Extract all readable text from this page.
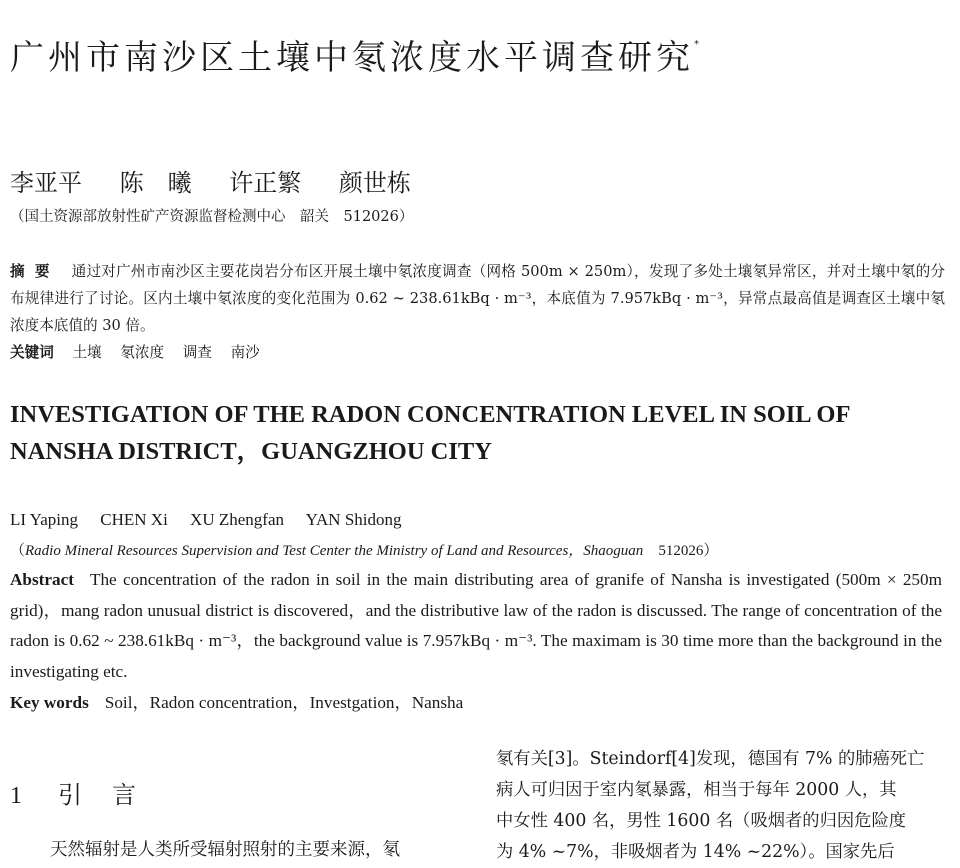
广州市南沙区土壤中氡浓度水平调查研究*
李亚平 陈　曦 许正繁 颜世栋
（国土资源部放射性矿产资源监督检测中心　韶关　512026）
摘要 通过对广州市南沙区主要花岗岩分布区开展土壤中氡浓度调查（网格 500m × 250m），发现了多处土壤氡异常区，并对土壤中氡的分布规律进行了讨论。区内土壤中氡浓度的变化范围为 0.62 ~ 238.61kBq · m⁻³，本底值为 7.957kBq · m⁻³，异常点最高值是调查区土壤中氡浓度本底值的 30 倍。
关键词 土壤 氡浓度 调查 南沙
INVESTIGATION OF THE RADON CONCENTRATION LEVEL IN SOIL OF
NANSHA DISTRICT，GUANGZHOU CITY
LI Yaping CHEN Xi XU Zhengfan YAN Shidong
（Radio Mineral Resources Supervision and Test Center the Ministry of Land and Resources，Shaoguan 512026）
Abstract The concentration of the radon in soil in the main distributing area of granife of Nansha is investigated (500m × 250m grid)，mang radon unusual district is discovered，and the distributive law of the radon is discussed. The range of concentration of the radon is 0.62 ~ 238.61kBq · m⁻³，the background value is 7.957kBq · m⁻³. The maximam is 30 time more than the background in the investigating etc.
Key words Soil，Radon concentration，Investgation，Nansha
1 引言
天然辐射是人类所受辐射照射的主要来源，氡
氡有关[3]。Steindorf[4]发现，德国有 7% 的肺癌死亡
病人可归因于室内氡暴露，相当于每年 2000 人，其
中女性 400 名，男性 1600 名（吸烟者的归因危险度
为 4% ~7%，非吸烟者为 14% ~22%）。国家先后
